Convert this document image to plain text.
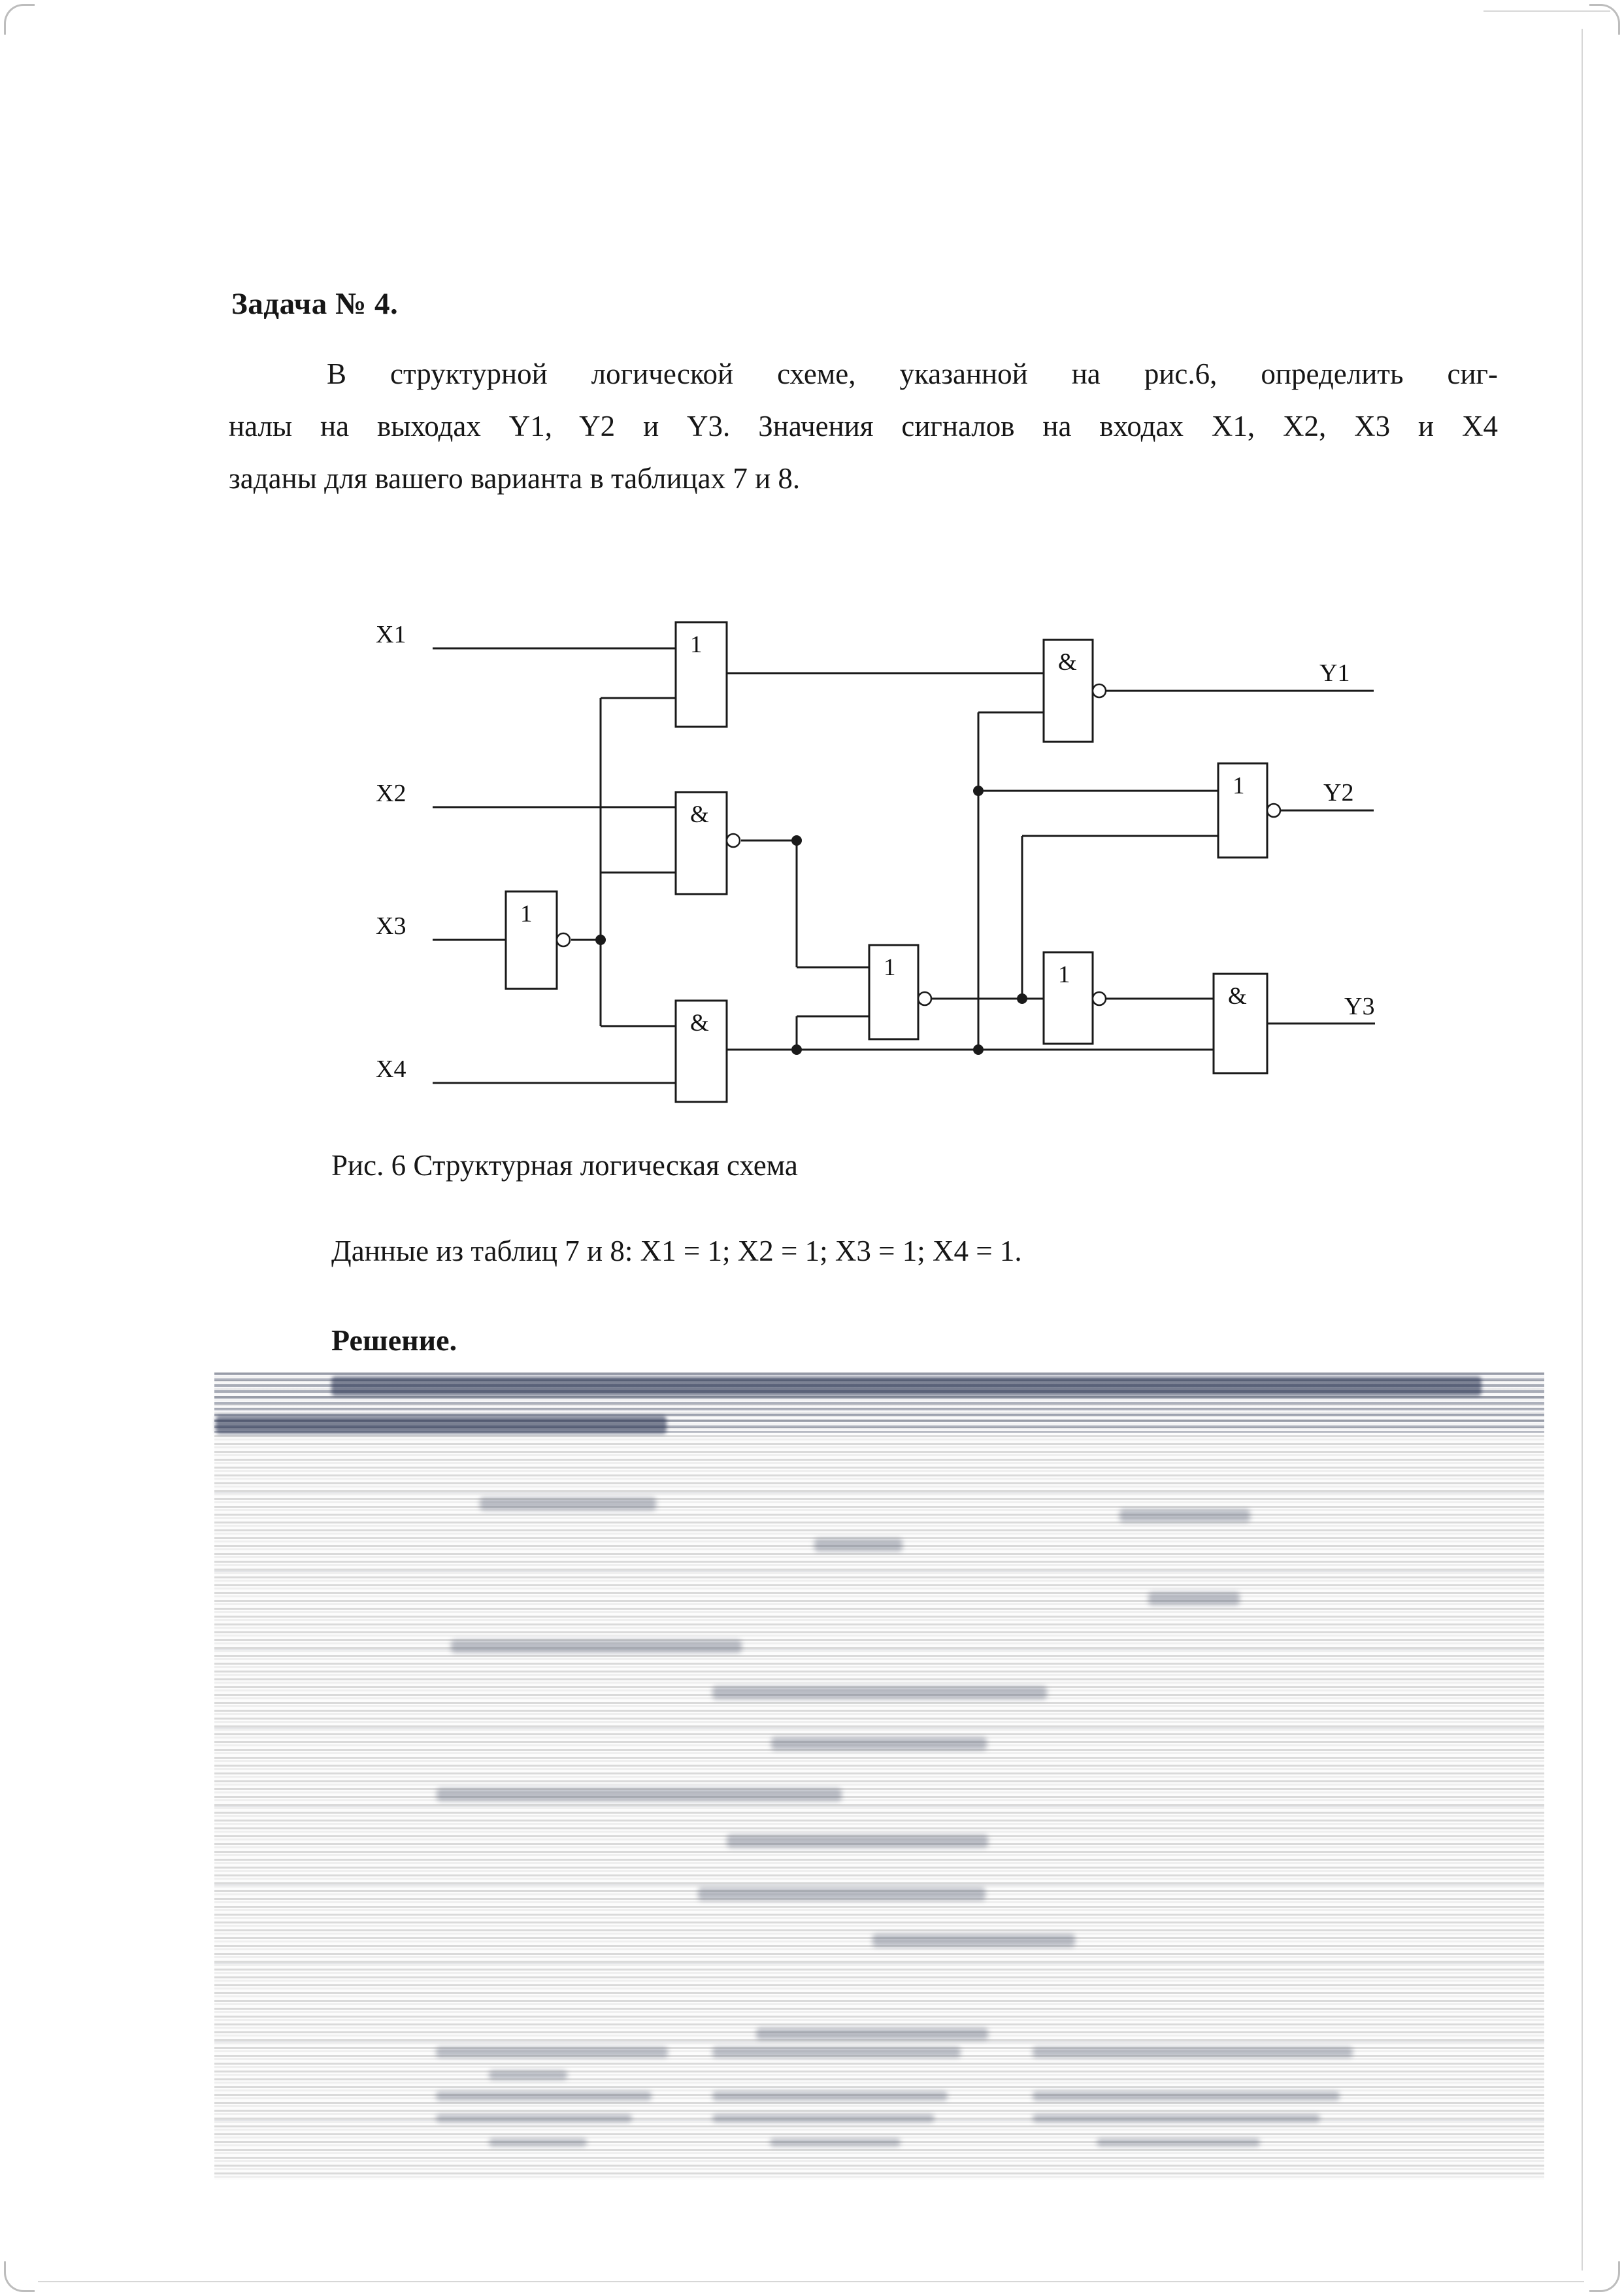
Задача № 4.
В структурной логической схеме, указанной на рис.6, определить сиг-
налы на выходах Y1, Y2 и Y3. Значения сигналов на входах X1, X2, X3 и X4
заданы для вашего варианта в таблицах 7 и 8.
X1
X2
X3
X4
Y1
Y2
Y3
1
&
1
&
1
&
1
1
&
Рис. 6 Структурная логическая схема
Данные из таблиц 7 и 8: X1 = 1; X2 = 1; X3 = 1; X4 = 1.
Решение.
